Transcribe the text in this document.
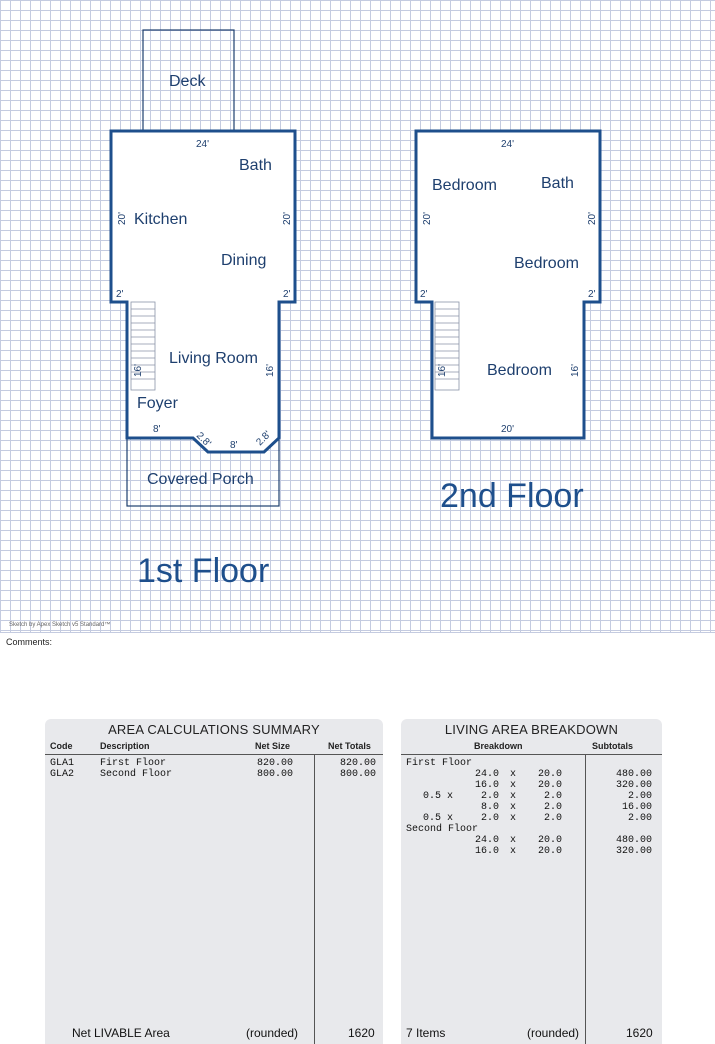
Deck
Bath
Kitchen
Dining
Living Room
Foyer
Covered Porch
24'
20'	20'
2'	2'
16'	16'
8'
8'
2.8'	2.8'
Bedroom	Bath
Bedroom
Bedroom
24'
20'	20'
2'	2'
16'	16'
20'
1st Floor
2nd Floor
Sketch by Apex Sketch v5 Standard™
Comments:
AREA CALCULATIONS SUMMARY
Code	Description	Net Size	Net Totals
GLA1	First Floor	820.00	820.00
GLA2	Second Floor	800.00	800.00
Net LIVABLE Area	(rounded)	1620
LIVING AREA BREAKDOWN
Breakdown	Subtotals
First Floor
24.0 x	20.0	480.00
16.0 x	20.0	320.00
0.5 x	2.0 x	2.0	2.00
8.0 x	2.0	16.00
0.5 x	2.0 x	2.0	2.00
Second Floor
24.0 x	20.0	480.00
16.0 x	20.0	320.00
7 Items	(rounded)	1620
